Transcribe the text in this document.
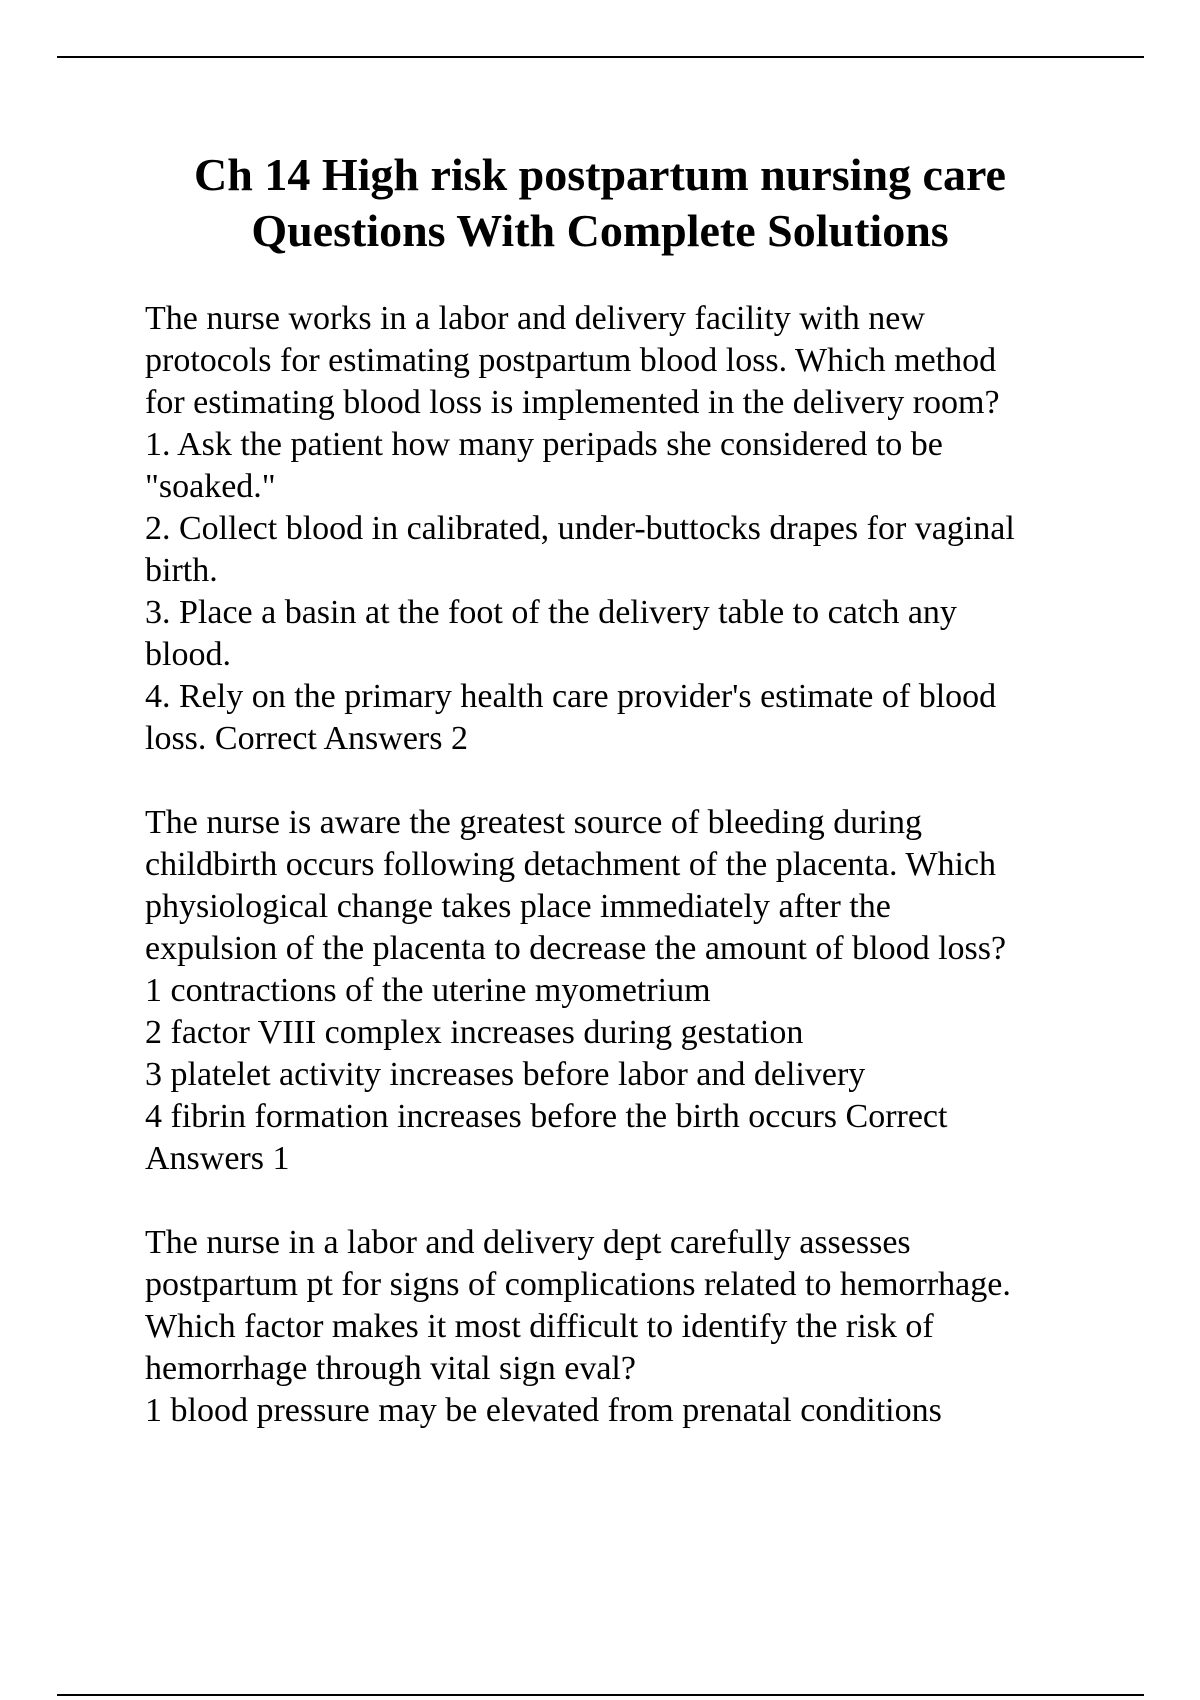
Ch 14 High risk postpartum nursing care
Questions With Complete Solutions
The nurse works in a labor and delivery facility with new
protocols for estimating postpartum blood loss. Which method
for estimating blood loss is implemented in the delivery room?
1. Ask the patient how many peripads she considered to be
"soaked."
2. Collect blood in calibrated, under-buttocks drapes for vaginal
birth.
3. Place a basin at the foot of the delivery table to catch any
blood.
4. Rely on the primary health care provider's estimate of blood
loss. Correct Answers 2
The nurse is aware the greatest source of bleeding during
childbirth occurs following detachment of the placenta. Which
physiological change takes place immediately after the
expulsion of the placenta to decrease the amount of blood loss?
1 contractions of the uterine myometrium
2 factor VIII complex increases during gestation
3 platelet activity increases before labor and delivery
4 fibrin formation increases before the birth occurs Correct
Answers 1
The nurse in a labor and delivery dept carefully assesses
postpartum pt for signs of complications related to hemorrhage.
Which factor makes it most difficult to identify the risk of
hemorrhage through vital sign eval?
1 blood pressure may be elevated from prenatal conditions
